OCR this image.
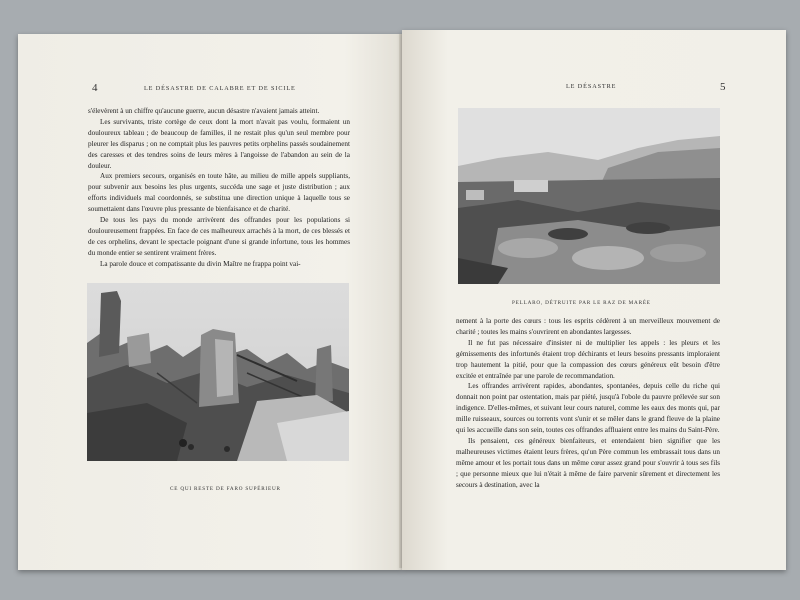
4	LE DÉSASTRE DE CALABRE ET DE SICILE

s'élevèrent à un chiffre qu'aucune guerre, aucun désastre n'avaient jamais atteint.

Les survivants, triste cortège de ceux dont la mort n'avait pas voulu, formaient un douloureux tableau ; de beaucoup de familles, il ne restait plus qu'un seul membre pour pleurer les disparus ; on ne comptait plus les pauvres petits orphelins passés soudainement des caresses et des tendres soins de leurs mères à l'angoisse de l'abandon au sein de la douleur.

Aux premiers secours, organisés en toute hâte, au milieu de mille appels suppliants, pour subvenir aux besoins les plus urgents, succéda une sage et juste distribution ; aux efforts individuels mal coordonnés, se substitua une direction unique à laquelle tous se soumettaient dans l'œuvre plus pressante de bienfaisance et de charité.

De tous les pays du monde arrivèrent des offrandes pour les populations si douloureusement frappées. En face de ces malheureux arrachés à la mort, de ces blessés et de ces orphelins, devant le spectacle poignant d'une si grande infortune, tous les hommes du monde entier se sentirent vraiment frères.

La parole douce et compatissante du divin Maître ne frappa point vai-

CE QUI RESTE DE FARO SUPÉRIEUR
LE DÉSASTRE	5
PELLARO, DÉTRUITE PAR LE RAZ DE MARÉE

nement à la porte des cœurs : tous les esprits cédèrent à un merveilleux mouvement de charité ; toutes les mains s'ouvrirent en abondantes largesses.

Il ne fut pas nécessaire d'insister ni de multiplier les appels : les pleurs et les gémissements des infortunés étaient trop déchirants et leurs besoins pressants imploraient trop hautement la pitié, pour que la compassion des cœurs généreux eût besoin d'être excitée et entraînée par une parole de recommandation.

Les offrandes arrivèrent rapides, abondantes, spontanées, depuis celle du riche qui donnait non point par ostentation, mais par piété, jusqu'à l'obole du pauvre prélevée sur son indigence. D'elles-mêmes, et suivant leur cours naturel, comme les eaux des monts qui, par mille ruisseaux, sources ou torrents vont s'unir et se mêler dans le grand fleuve de la plaine qui les accueille dans son sein, toutes ces offrandes affluaient entre les mains du Saint-Père.

Ils pensaient, ces généreux bienfaiteurs, et entendaient bien signifier que les malheureuses victimes étaient leurs frères, qu'un Père commun les embrassait tous dans un même amour et les portait tous dans un même cœur assez grand pour s'ouvrir à tous ses fils ; que personne mieux que lui n'était à même de faire parvenir sûrement et directement les secours à destination, avec la
